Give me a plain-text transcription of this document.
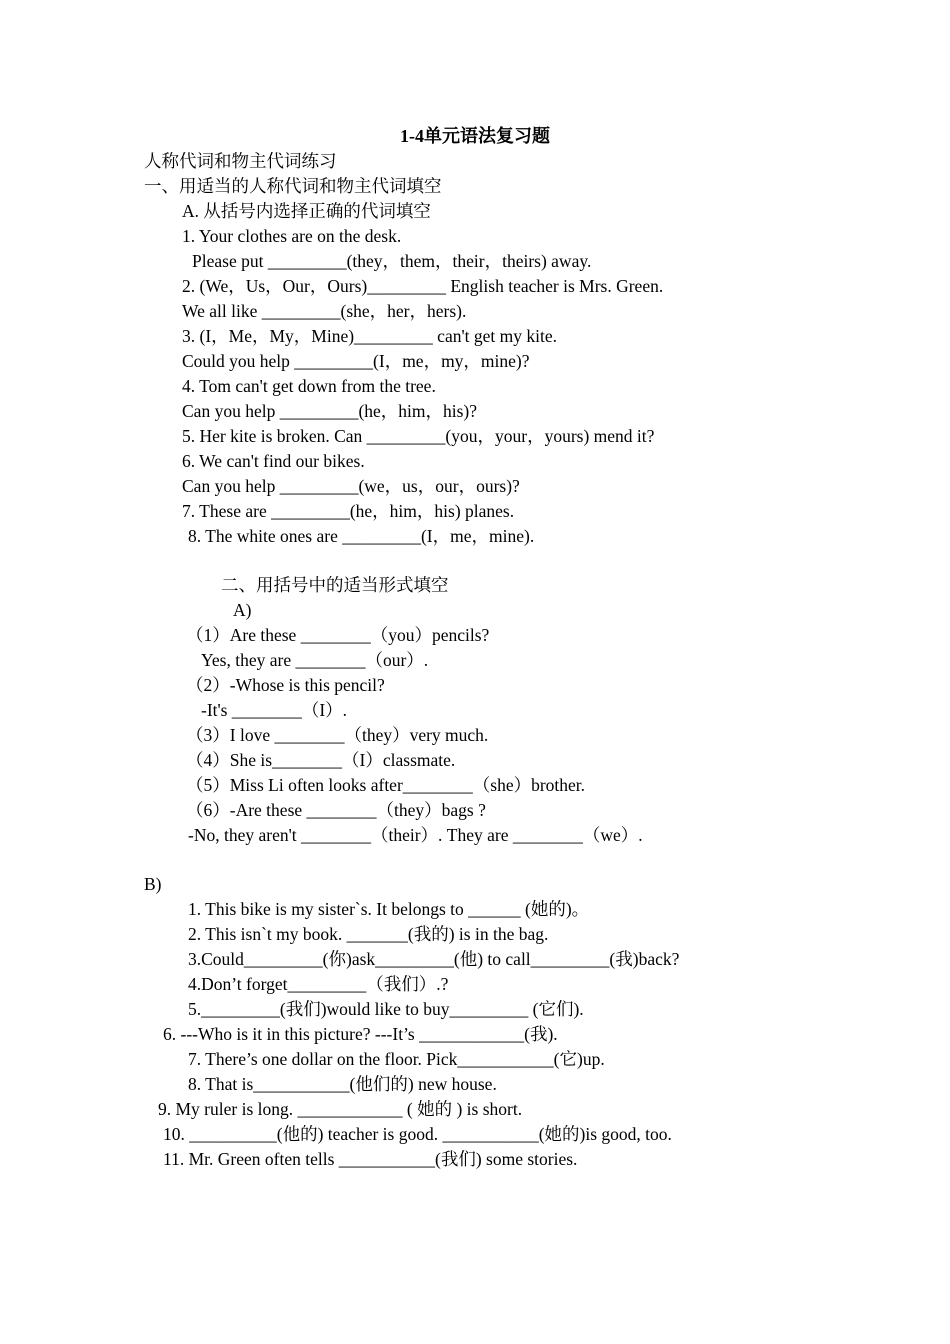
1-4单元语法复习题
人称代词和物主代词练习
一、用适当的人称代词和物主代词填空
A. 从括号内选择正确的代词填空
1. Your clothes are on the desk.
Please put _________(they，them，their，theirs) away.
2. (We，Us，Our，Ours)_________ English teacher is Mrs. Green.
We all like _________(she，her，hers).
3. (I，Me，My，Mine)_________ can't get my kite.
Could you help _________(I，me，my，mine)?
4. Tom can't get down from the tree.
Can you help _________(he，him，his)?
5. Her kite is broken. Can _________(you，your，yours) mend it?
6. We can't find our bikes.
Can you help _________(we，us，our，ours)?
7. These are _________(he，him，his) planes.
8. The white ones are _________(I，me，mine).
二、用括号中的适当形式填空
A)
（1）Are these ________（you）pencils?
Yes, they are ________（our）.
（2）-Whose is this pencil?
-It's ________（I）.
（3）I love ________（they）very much.
（4）She is________（I）classmate.
（5）Miss Li often looks after________（she）brother.
（6）-Are these ________（they）bags ?
-No, they aren't ________（their）. They are ________（we）.
B)
1. This bike is my sister`s. It belongs to ______ (她的)。
2. This isn`t my book. _______(我的) is in the bag.
3.Could_________(你)ask_________(他) to call_________(我)back?
4.Don’t forget_________（我们）.?
5._________(我们)would like to buy_________ (它们).
6. ---Who is it in this picture? ---It’s ____________(我).
7. There’s one dollar on the floor. Pick___________(它)up.
8. That is___________(他们的) new house.
9. My ruler is long. ____________ ( 她的 ) is short.
10. __________(他的) teacher is good. ___________(她的)is good, too.
11. Mr. Green often tells ___________(我们) some stories.
